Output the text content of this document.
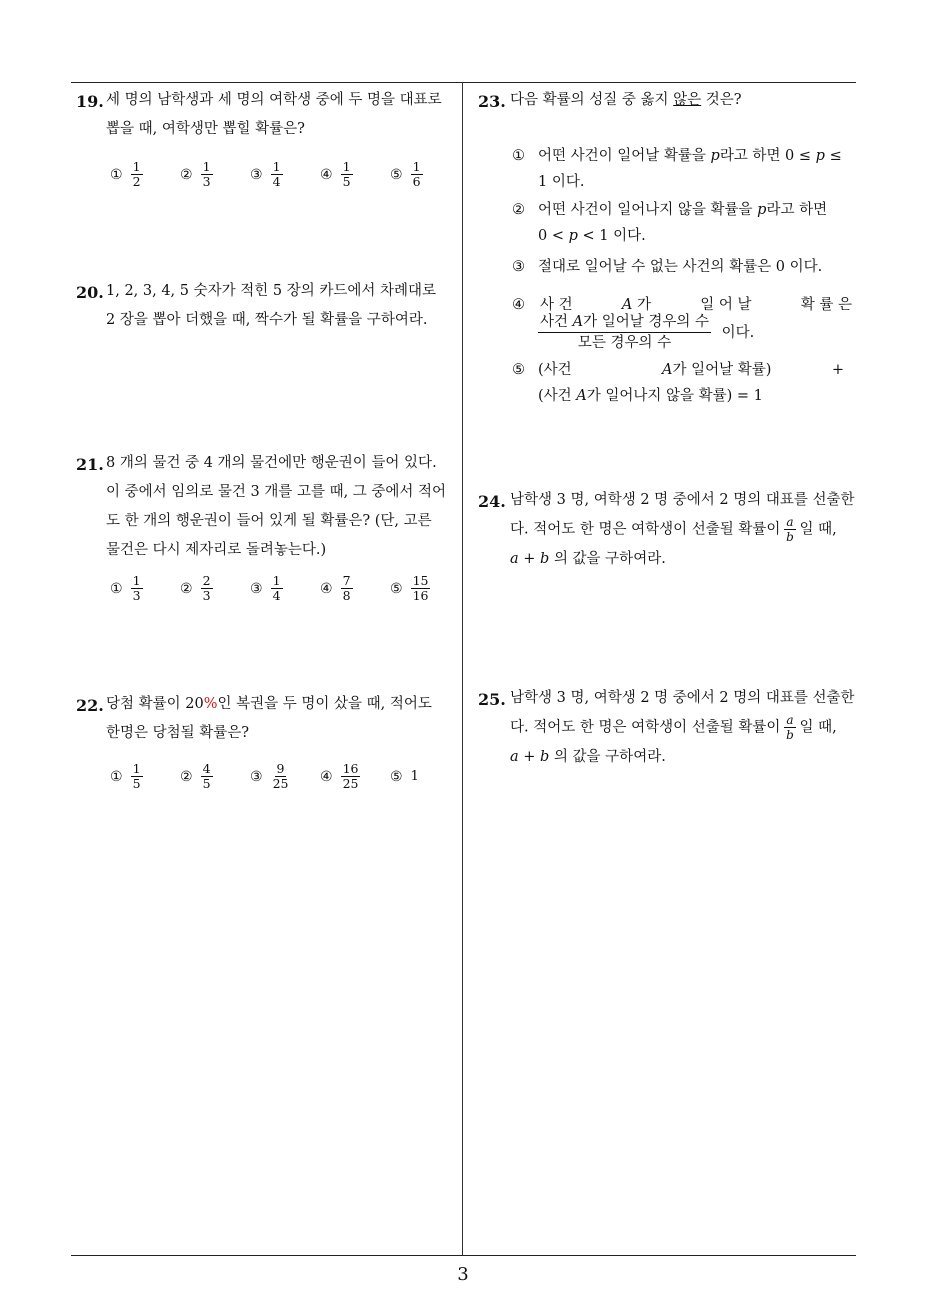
3
19. 세 명의 남학생과 세 명의 여학생 중에 두 명을 대표로
뽑을 때, 여학생만 뽑힐 확률은?
① $\frac{1}{2}$	② $\frac{1}{3}$	③ $\frac{1}{4}$	④ $\frac{1}{5}$	⑤ $\frac{1}{6}$
20. 1, 2, 3, 4, 5 숫자가 적힌 5 장의 카드에서 차례대로
2 장을 뽑아 더했을 때, 짝수가 될 확률을 구하여라.
21. 8 개의 물건 중 4 개의 물건에만 행운권이 들어 있다.
이 중에서 임의로 물건 3 개를 고를 때, 그 중에서 적어
도 한 개의 행운권이 들어 있게 될 확률은? (단, 고른
물건은 다시 제자리로 돌려놓는다.)
① $\frac{1}{3}$	② $\frac{2}{3}$	③ $\frac{1}{4}$	④ $\frac{7}{8}$	⑤ $\frac{15}{16}$
22. 당첨 확률이 20%인 복권을 두 명이 샀을 때, 적어도
한명은 당첨될 확률은?
① $\frac{1}{5}$	② $\frac{4}{5}$	③ $\frac{9}{25}$ ④ $\frac{16}{25}$ ⑤ 1
23. 다음 확률의 성질 중 옳지 않은 것은?
① 어떤 사건이 일어날 확률을 p라고 하면 0 ≤ p ≤
1 이다.
② 어떤 사건이 일어나지 않을 확률을 p라고 하면
0 < p < 1 이다.
③ 절대로 일어날 수 없는 사건의 확률은 0 이다.
④ 사 건	A 가	일 어 날	확 률 은
$\frac{\text{사건 A가 일어날 경우의 수}}{\text{모든 경우의 수}}$ 이다.
⑤ (사건	A가 일어날 확률)	+
(사건 A가 일어나지 않을 확률) = 1
24. 남학생 3 명, 여학생 2 명 중에서 2 명의 대표를 선출한
다. 적어도 한 명은 여학생이 선출될 확률이 $\frac{a}{b}$ 일 때,
a + b 의 값을 구하여라.
25. 남학생 3 명, 여학생 2 명 중에서 2 명의 대표를 선출한
다. 적어도 한 명은 여학생이 선출될 확률이 $\frac{a}{b}$ 일 때,
a + b 의 값을 구하여라.
